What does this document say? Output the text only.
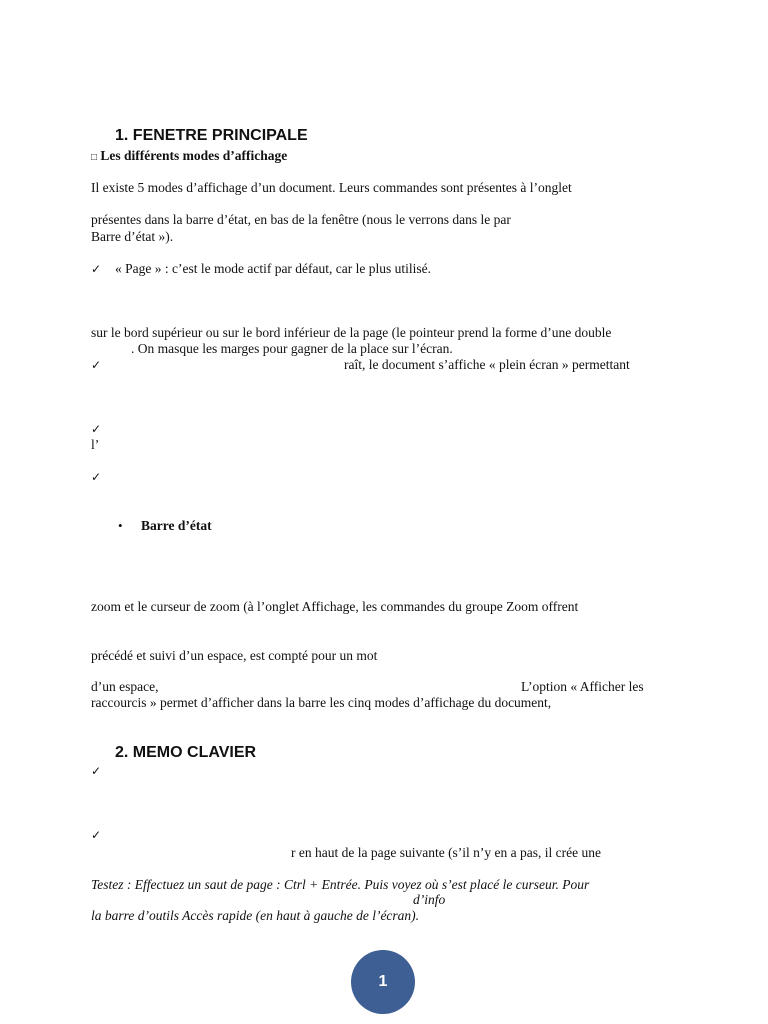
1. FENETRE PRINCIPALE
□ Les différents modes d’affichage
Il existe 5 modes d’affichage d’un document. Leurs commandes sont présentes à l’onglet
présentes dans la barre d’état, en bas de la fenêtre (nous le verrons dans le par
Barre d’état »).
✓ « Page » : c’est le mode actif par défaut, car le plus utilisé.
sur le bord supérieur ou sur le bord inférieur de la page (le pointeur prend la forme d’une double
. On masque les marges pour gagner de la place sur l’écran.
✓	raît, le document s’affiche « plein écran » permettant
✓
l’
✓
• Barre d’état
zoom et le curseur de zoom (à l’onglet Affichage, les commandes du groupe Zoom offrent
précédé et suivi d’un espace, est compté pour un mot
d’un espace,	L’option « Afficher les
raccourcis » permet d’afficher dans la barre les cinq modes d’affichage du document,
2. MEMO CLAVIER
✓
✓
r en haut de la page suivante (s’il n’y en a pas, il crée une
Testez : Effectuez un saut de page : Ctrl + Entrée. Puis voyez où s’est placé le curseur. Pour
d’info
la barre d’outils Accès rapide (en haut à gauche de l’écran).
1
